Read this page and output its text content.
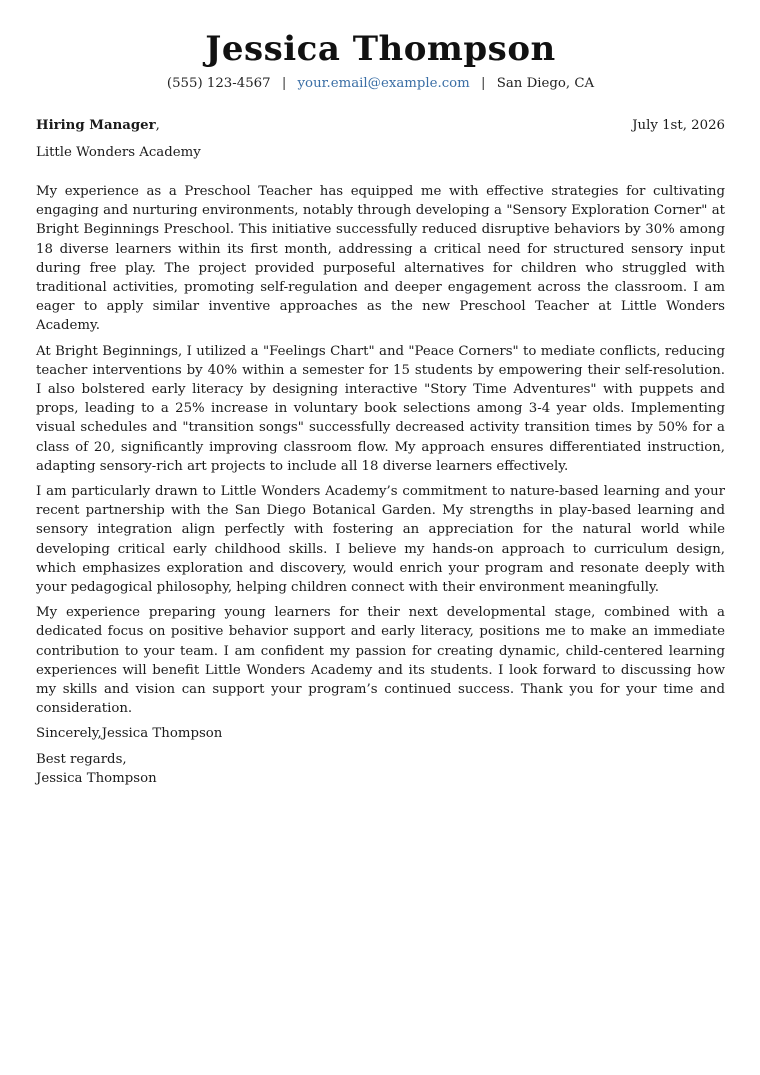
Jessica Thompson
(555) 123-4567 | your.email@example.com | San Diego, CA
Hiring Manager,	July 1st, 2026
Little Wonders Academy

My experience as a Preschool Teacher has equipped me with effective strategies for cultivating engaging and nurturing environments, notably through developing a "Sensory Exploration Corner" at Bright Beginnings Preschool. This initiative successfully reduced disruptive behaviors by 30% among 18 diverse learners within its first month, addressing a critical need for structured sensory input during free play. The project provided purposeful alternatives for children who struggled with traditional activities, promoting self-regulation and deeper engagement across the classroom. I am eager to apply similar inventive approaches as the new Preschool Teacher at Little Wonders Academy.

At Bright Beginnings, I utilized a "Feelings Chart" and "Peace Corners" to mediate conflicts, reducing teacher interventions by 40% within a semester for 15 students by empowering their self-resolution. I also bolstered early literacy by designing interactive "Story Time Adventures" with puppets and props, leading to a 25% increase in voluntary book selections among 3-4 year olds. Implementing visual schedules and "transition songs" successfully decreased activity transition times by 50% for a class of 20, significantly improving classroom flow. My approach ensures differentiated instruction, adapting sensory-rich art projects to include all 18 diverse learners effectively.

I am particularly drawn to Little Wonders Academy’s commitment to nature-based learning and your recent partnership with the San Diego Botanical Garden. My strengths in play-based learning and sensory integration align perfectly with fostering an appreciation for the natural world while developing critical early childhood skills. I believe my hands-on approach to curriculum design, which emphasizes exploration and discovery, would enrich your program and resonate deeply with your pedagogical philosophy, helping children connect with their environment meaningfully.

My experience preparing young learners for their next developmental stage, combined with a dedicated focus on positive behavior support and early literacy, positions me to make an immediate contribution to your team. I am confident my passion for creating dynamic, child-centered learning experiences will benefit Little Wonders Academy and its students. I look forward to discussing how my skills and vision can support your program’s continued success. Thank you for your time and consideration.

Sincerely,Jessica Thompson
Best regards,
Jessica Thompson
